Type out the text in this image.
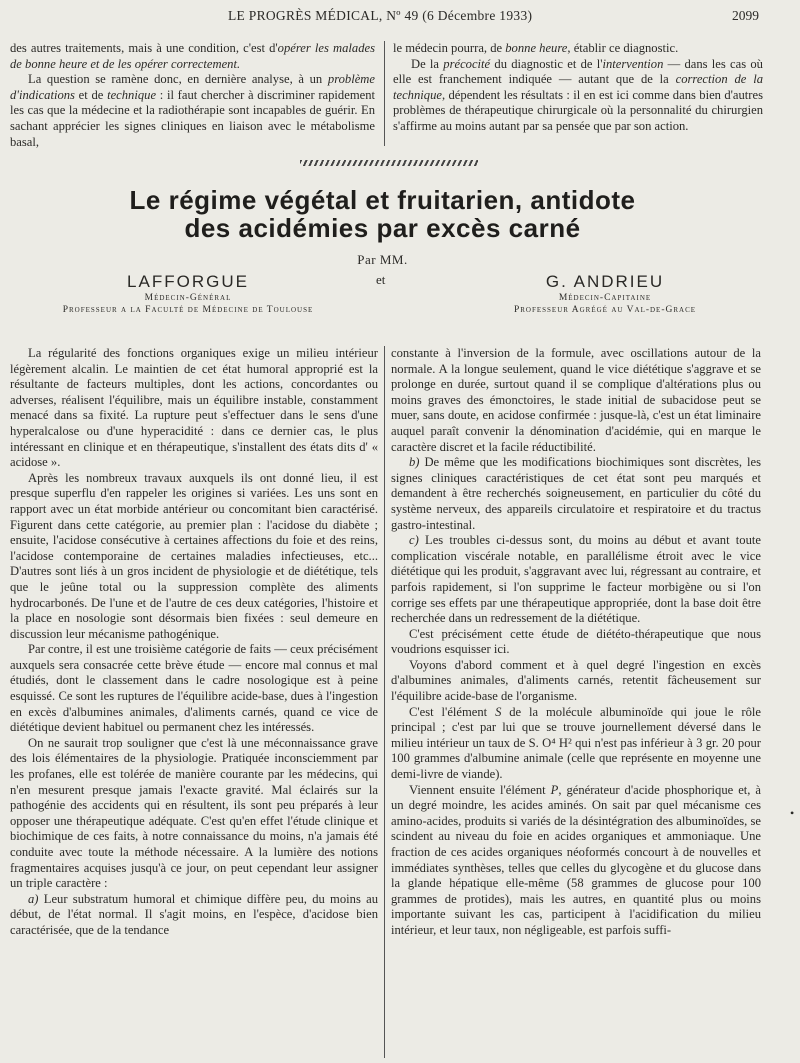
LE PROGRÈS MÉDICAL, Nº 49 (6 Décembre 1933)	2099

des autres traitements, mais à une condition, c'est d'opérer les malades de bonne heure et de les opérer correctement.

La question se ramène donc, en dernière analyse, à un problème d'indications et de technique : il faut chercher à discriminer rapidement les cas que la médecine et la radiothérapie sont incapables de guérir. En sachant apprécier les signes cliniques en liaison avec le métabolisme basal,

le médecin pourra, de bonne heure, établir ce diagnostic.

De la précocité du diagnostic et de l'intervention — dans les cas où elle est franchement indiquée — autant que de la correction de la technique, dépendent les résultats : il en est ici comme dans bien d'autres problèmes de thérapeutique chirurgicale où la personnalité du chirurgien s'affirme au moins autant par sa pensée que par son action.

Le régime végétal et fruitarien, antidote
des acidémies par excès carné
Par MM.
et
LAFFORGUE
Médecin-Général
Professeur a la Faculté de Médecine de Toulouse
G. ANDRIEU
Médecin-Capitaine
Professeur Agrégé au Val-de-Grace

La régularité des fonctions organiques exige un milieu intérieur légèrement alcalin. Le maintien de cet état humoral approprié est la résultante de facteurs multiples, dont les actions, concordantes ou adverses, réalisent l'équilibre, mais un équilibre instable, constamment menacé dans sa fixité. La rupture peut s'effectuer dans le sens d'une hyperalcalose ou d'une hyperacidité : dans ce dernier cas, le plus intéressant en clinique et en thérapeutique, s'installent des états dits d' « acidose ».

Après les nombreux travaux auxquels ils ont donné lieu, il est presque superflu d'en rappeler les origines si variées. Les uns sont en rapport avec un état morbide antérieur ou concomitant bien caractérisé. Figurent dans cette catégorie, au premier plan : l'acidose du diabète ; ensuite, l'acidose consécutive à certaines affections du foie et des reins, l'acidose contemporaine de certaines maladies infectieuses, etc... D'autres sont liés à un gros incident de physiologie et de diététique, tels que le jeûne total ou la suppression complète des aliments hydrocarbonés. De l'une et de l'autre de ces deux catégories, l'histoire et la place en nosologie sont désormais bien fixées : seul demeure en discussion leur mécanisme pathogénique.

Par contre, il est une troisième catégorie de faits — ceux précisément auxquels sera consacrée cette brève étude — encore mal connus et mal étudiés, dont le classement dans le cadre nosologique est à peine esquissé. Ce sont les ruptures de l'équilibre acide-base, dues à l'ingestion en excès d'albumines animales, d'aliments carnés, quand ce vice de diététique devient habituel ou permanent chez les intéressés.

On ne saurait trop souligner que c'est là une méconnaissance grave des lois élémentaires de la physiologie. Pratiquée inconsciemment par les profanes, elle est tolérée de manière courante par les médecins, qui n'en mesurent presque jamais l'exacte gravité. Mal éclairés sur la pathogénie des accidents qui en résultent, ils sont peu préparés à leur opposer une thérapeutique adéquate. C'est qu'en effet l'étude clinique et biochimique de ces faits, à notre connaissance du moins, n'a jamais été conduite avec toute la méthode nécessaire. A la lumière des notions fragmentaires acquises jusqu'à ce jour, on peut cependant leur assigner un triple caractère :

a) Leur substratum humoral et chimique diffère peu, du moins au début, de l'état normal. Il s'agit moins, en l'espèce, d'acidose bien caractérisée, que de la tendance

constante à l'inversion de la formule, avec oscillations autour de la normale. A la longue seulement, quand le vice diététique s'aggrave et se prolonge en durée, surtout quand il se complique d'altérations plus ou moins graves des émonctoires, le stade initial de subacidose peut se muer, sans doute, en acidose confirmée : jusque-là, c'est un état liminaire auquel paraît convenir la dénomination d'acidémie, qui en marque le caractère discret et la facile réductibilité.

b) De même que les modifications biochimiques sont discrètes, les signes cliniques caractéristiques de cet état sont peu marqués et demandent à être recherchés soigneusement, en particulier du côté du système nerveux, des appareils circulatoire et respiratoire et du tractus gastro-intestinal.

c) Les troubles ci-dessus sont, du moins au début et avant toute complication viscérale notable, en parallélisme étroit avec le vice diététique qui les produit, s'aggravant avec lui, régressant au contraire, et parfois rapidement, si l'on supprime le facteur morbigène ou si l'on corrige ses effets par une thérapeutique appropriée, dont la base doit être recherchée dans un redressement de la diététique.

C'est précisément cette étude de diététo-thérapeutique que nous voudrions esquisser ici.

Voyons d'abord comment et à quel degré l'ingestion en excès d'albumines animales, d'aliments carnés, retentit fâcheusement sur l'équilibre acide-base de l'organisme.

C'est l'élément S de la molécule albuminoïde qui joue le rôle principal ; c'est par lui que se trouve journellement déversé dans le milieu intérieur un taux de S. O⁴ H² qui n'est pas inférieur à 3 gr. 20 pour 100 grammes d'albumine animale (celle que représente en moyenne une demi-livre de viande).

Viennent ensuite l'élément P, générateur d'acide phosphorique et, à un degré moindre, les acides aminés. On sait par quel mécanisme ces amino-acides, produits si variés de la désintégration des albuminoïdes, se scindent au niveau du foie en acides organiques et ammoniaque. Une fraction de ces acides organiques néoformés concourt à de nouvelles et immédiates synthèses, telles que celles du glycogène et du glucose dans la glande hépatique elle-même (58 grammes de glucose pour 100 grammes de protides), mais les autres, en quantité plus ou moins importante suivant les cas, participent à l'acidification du milieu intérieur, et leur taux, non négligeable, est parfois suffi-

•
